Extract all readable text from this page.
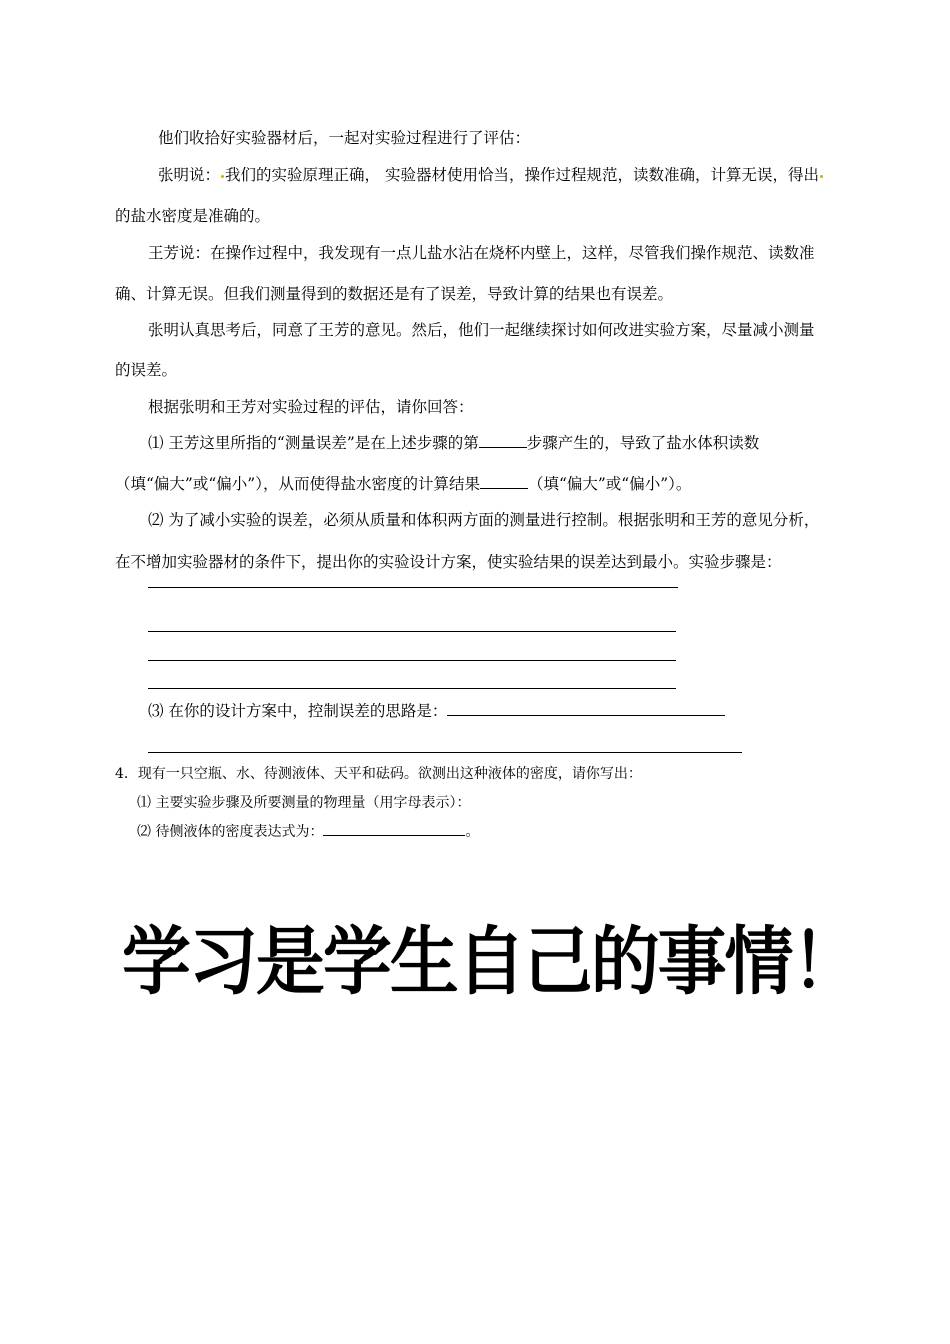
他们收拾好实验器材后，一起对实验过程进行了评估：
张明说： 我们的实验原理正确， 实验器材使用恰当，操作过程规范，读数准确，计算无误，得出
的盐水密度是准确的。
王芳说：在操作过程中，我发现有一点儿盐水沾在烧杯内壁上，这样，尽管我们操作规范、读数准
确、计算无误。但我们测量得到的数据还是有了误差，导致计算的结果也有误差。
张明认真思考后，同意了王芳的意见。然后，他们一起继续探讨如何改进实验方案，尽量减小测量
的误差。
根据张明和王芳对实验过程的评估，请你回答：
⑴ 王芳这里所指的“测量误差”是在上述步骤的第	步骤产生的，导致了盐水体积读数
（填“偏大”或“偏小”），从而使得盐水密度的计算结果	（填“偏大”或“偏小”）。
⑵ 为了减小实验的误差，必须从质量和体积两方面的测量进行控制。根据张明和王芳的意见分析，
在不增加实验器材的条件下，提出你的实验设计方案，使实验结果的误差达到最小。实验步骤是：
⑶ 在你的设计方案中，控制误差的思路是：
4．现有一只空瓶、水、待测液体、天平和砝码。欲测出这种液体的密度，请你写出：
⑴ 主要实验步骤及所要测量的物理量（用字母表示）：
⑵ 待侧液体的密度表达式为：	。
学习是学生自己的事情！
